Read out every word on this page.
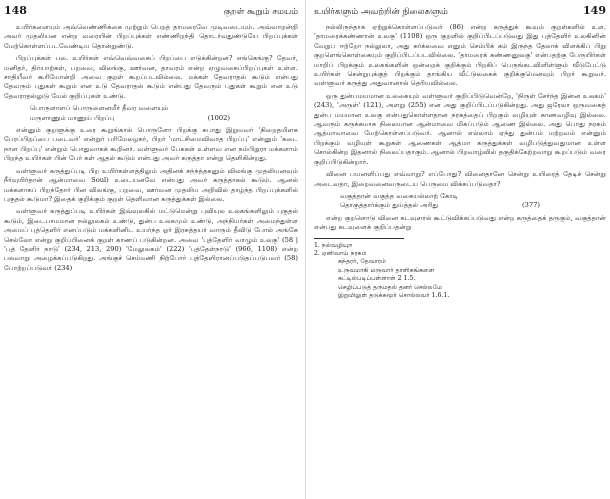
148	குறள் கூறும் சமயம்

உயிர்களையும் அவ்வெண்ணிக்கை முற்றும் பெறத் தாமரைவே முடிவடையும். அவ்வாறன்றி அவர் முதலியன என்ற வரையின் பிறப்புக்கள் எண்ணிறந்தி தொடர்வதுண்டுயே பிறப்புக்கள் மேற்கொள்ளப்படவேண்டிய தொன்றுண்டு.

பிறப்புக்கள் பல. உயிர்கள் எவ்வெவ்வகைப் பிறப்பை எடுக்கின்றன? எங்கெங்கு? தேவர், மனிதர், திர்யாற்கள், பறவை, விலங்கு, ஊர்வன, தாவரம் என்ற ஏழுவகைப்பிறப்புகள் உள்ள. சாதியீவர் கூரியோன்றி அவை குறள் கூறப்படவில்லை. மக்கள் தேவராதல் கூடும் என்பது தேவரும் புதுகள் கூறும் என உடு தேவராதல் கூடும் என்பது தேவரும் புதுகள் கூறும் என உடு தேவராதல்லுடு மேல் குறிப்புகள் உண்டு.

பொருளாளப் பொருளைனமீர் தீவர வளையும்
மருளாணும் மாணுய் பிறப்பு	(1002)

என்னும் குறளுக்கு உரை கூறுங்கால் பொருளோ பிறக்கு சுபாது இறுமவர் 'நிறைதமிளக பேரப்பிறப்பை படைவர்' என்றுர் பரிமேலழகர், பிறர் 'மாட்சிமைவிவாத பிறப்பு' என்னும் 'கடை நாள பிறப்பு' என்றும் பொதுவாகக் கூறினர். வள்ளுவர் பேசுகள் உள்ளவ என நம்பிறுரா மக்களாம் பிறந்த உயிர்கள் பின் பேர் கள் ஆதல் கூடும் என்பது அவர் கருத்தா என்று தெளிகின்றது.

வள்ளுவர் கருத்துப்படி பிற உயிர்கள்ளத்திலும் அதினக் சந்ந்த்தகனும் விலங்கு முதலியனவும் நீர்வுயிர்தான் ஆன்மாவை Soul) உடையனவே என்பது அவர் கருத்தாகல் கூடும். ஆனல் மக்களாகப் பிறந்தோர் பின விலங்கு, பறவை, ஊர்வன முதலிய அறிவில் தாழ்ந்த பிறப்புக்களில் புகுதல் கூடுமா? இதைக் குறிக்கும் குறள் தெளிவான கருத்துக்கள் இல்லை.

வள்ளுவர் கருத்துப்படி உயிர்கள் இவ்வுலகில் மட்டுமென்று புவியுல உலகங்களிலும் புகுதல் கூடும், இடைபாமமான நல்லுலகம் உண்டு, துன்ப உலகமும் உண்டு, அந்நியர்கள் அமைந்துள்ள அமைப் புத்தெளிர் எனப்படும் மக்களினிட உயர்ந்த ஓர் இரசுத்தயர் வாரும் தீவிடு போல் அங்கே செல்லோ என்று குறிப்பினைக் குறள் காணப் படுகின்றன. அவை 'புத்தேளிர் வாழும் உலகு' (58 | 'புத் தேளிர் நாடு' (234, 213, 290) 'மேலுலகம்' (222) 'புத்தேள்நாடு' (966, 1108) என்ற பலவாறு அழைக்கப்படுகிறது. அங்குச் செம்மணி நிற்போர் புத்தேளிரானப்படுதப்படுபவர் (58) போற்றப்படுவர் (234)

உயிர்களும் அவற்றின் நிலைகளும்	149

நல்லிருந்தாக ஏற்றுக்கொள்ளப்படுவர் (86) என்ற கருத்துக் கூவும் குறள்களில் உள. 'தாமரைக்கண்ணான் உலகு' (1108) ஒரு குறளில் குறிப்பிடப்படுவது இது புத்தேளிர் உலகினின் வேறுப ஈற்றோ நல்லுலா, அது சுர்க்லவை எனும் செம்பிக் கம் இருந்த தேலாக் விளக்கிப் பிறு குறளெங்கொள்கையும் குறிப்பிடப்படவில்லை. 'தாமரைக் கண்ணனுலகு' என்பதற்கு பேருயிர்கள் மாறிப் பிறக்கும் உலகங்களின் ஒன்றைக் குறிக்கும் பிறகிப் பெருங்கடவிளிள்ளும் வீடுபேட்டு உயிர்கள் சென்றுபுக்குத் பிறக்கும் தாங்கிய வீட்டுலகைக் குறிக்குமெனவும் பிறர் கூறுவர். வள்ளுவர் கருத்து அதுவானால் தெரியவில்லை.

ஒரு துன்பமயமான உலகையும் வள்ளுவர் குறிப்பிடுவென்றே, 'நிருள் சேர்ந்த இன்ன உலகம்' (243), 'அருள்' (121), அளறு (255) என அது குறிப்பிடப்படுகின்றது. அது ஜரேலா ஒருவகைத் துன்ப மயமான உலகு என்பதுகொள்ளதான நரகத்தைப் பிறகும் வழியுள் காணவழிவு இல்லை. ஆவரும் கருக்கமாக நிலையான ஆன்மாவை மிகப்படும் ஆணை இல்லை. அது பொது நரகம் ஆத்மாவாவை மேற்கொள்ளப்படுவர். ஆனால் எல்லாம் ஏந்து துன்பம் மற்றவம் என்னும் பிறக்கும் வழியுள் கூறுகள் ஆணைகள் ஆத்மா கருத்துக்கள் வழிபடுத்துவதுமான உள்ள சொல்கின்ற இதனால் நிலைப்பதாகும். ஆனால் பிறவாழ்வில் தகுதிக்கேற்றவாறு கூறப்படும் வரை குறிப்பிடுகின்றார்.

வினை பயனளிப்பது எவ்வாறு? எப்போது? வினைதானே சென்று உயிரைத் தேடிச் சென்று அடைவதா, இறைவனைவருடைய பெருமை விக்கப்படுவதா?

வகுத்தான் வகுத்த வகையல்லாற் கோடி
தொகுத்தார்க்கும் துய்த்தல் அரிது	(377)

என்ற குறளொடு வினை கடவுளால் கூட்டுவிக்கப்படுவது என்ற கருத்தைக் தருகும், வகுத்தான் என்பது கடவுளைக் குறிப்பதன்று

1. நல்வழியுற
2. ஏனிவாய் நரகம்
சுந்தரர், தேவாரம்
உருவமாகி மருவார் தாளிகங்களை
கட்டில்படிப்பள்ளாள் 2 1.5.
செழிப்படுத் தருமதல் தனர் செல்லமே
இறுமிலுள் தடுக்கமூர் சொல்லவர் 1.6.1.
